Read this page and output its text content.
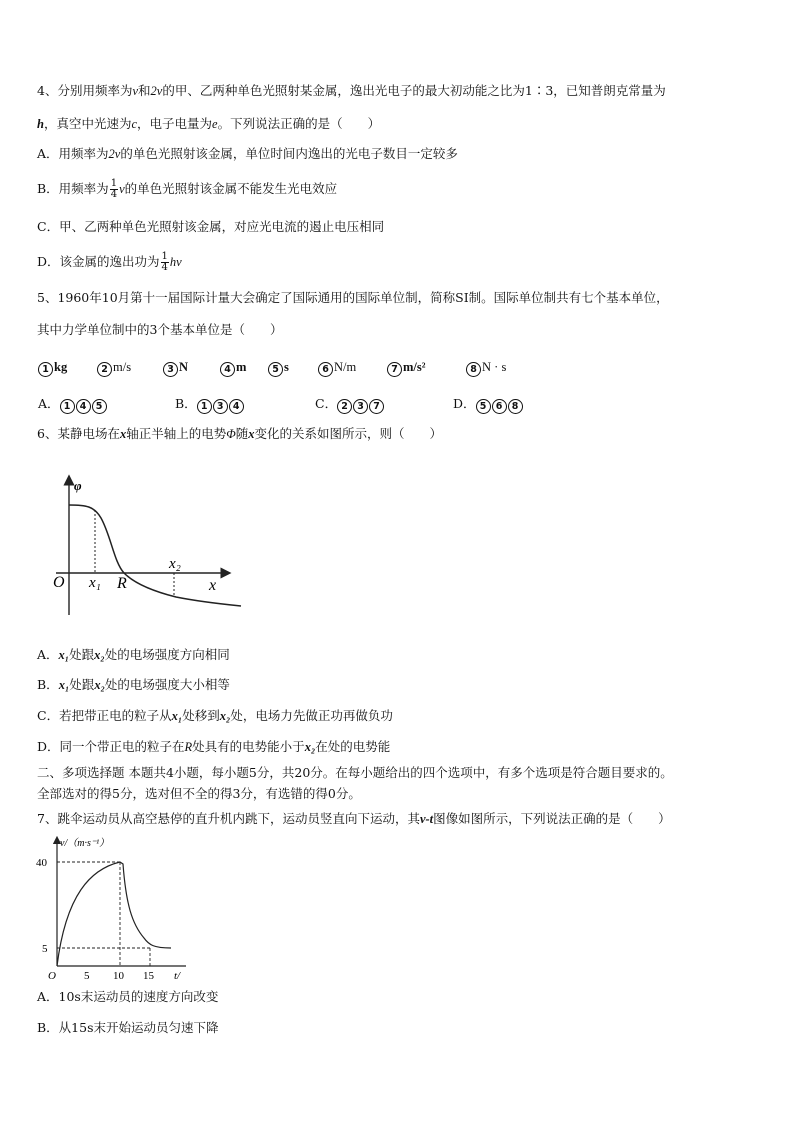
4、分别用频率为ν和2ν的甲、乙两种单色光照射某金属，逸出光电子的最大初动能之比为1∶3，已知普朗克常量为
h，真空中光速为c，电子电量为e。下列说法正确的是（　　）
A．用频率为2ν的单色光照射该金属，单位时间内逸出的光电子数目一定较多
B．用频率为 $\frac{1}{4}$ ν的单色光照射该金属不能发生光电效应
C．甲、乙两种单色光照射该金属，对应光电流的遏止电压相同
D．该金属的逸出功为 $\frac{1}{4}$ hν
5、1960年10月第十一届国际计量大会确定了国际通用的国际单位制，简称SI制。国际单位制共有七个基本单位，
其中力学单位制中的3个基本单位是（　　）
1 kg	2 m/s	3 N	4 m	5 s	6 N/m	7 m/s²	8 N · s
A． 1 4 5	B． 1 3 4	C． 2 3 7	D． 5 6 8
6、某静电场在x轴正半轴上的电势Φ随x变化的关系如图所示，则（　　）
φ
O x₁ R
x₂
x
A．x₁处跟x₂处的电场强度方向相同
B．x₁处跟x₂处的电场强度大小相等
C．若把带正电的粒子从x₁处移到x₂处，电场力先做正功再做负功
D．同一个带正电的粒子在R处具有的电势能小于x₂在处的电势能
二、多项选择题 本题共4小题，每小题5分，共20分。在每小题给出的四个选项中，有多个选项是符合题目要求的。
全部选对的得5分，选对但不全的得3分，有选错的得0分。
7、跳伞运动员从高空悬停的直升机内跳下，运动员竖直向下运动，其v-t图像如图所示，下列说法正确的是（　　）
v/（m·s⁻¹）
40
5
O	5 10 15 t/
A．10s末运动员的速度方向改变
B．从15s末开始运动员匀速下降
